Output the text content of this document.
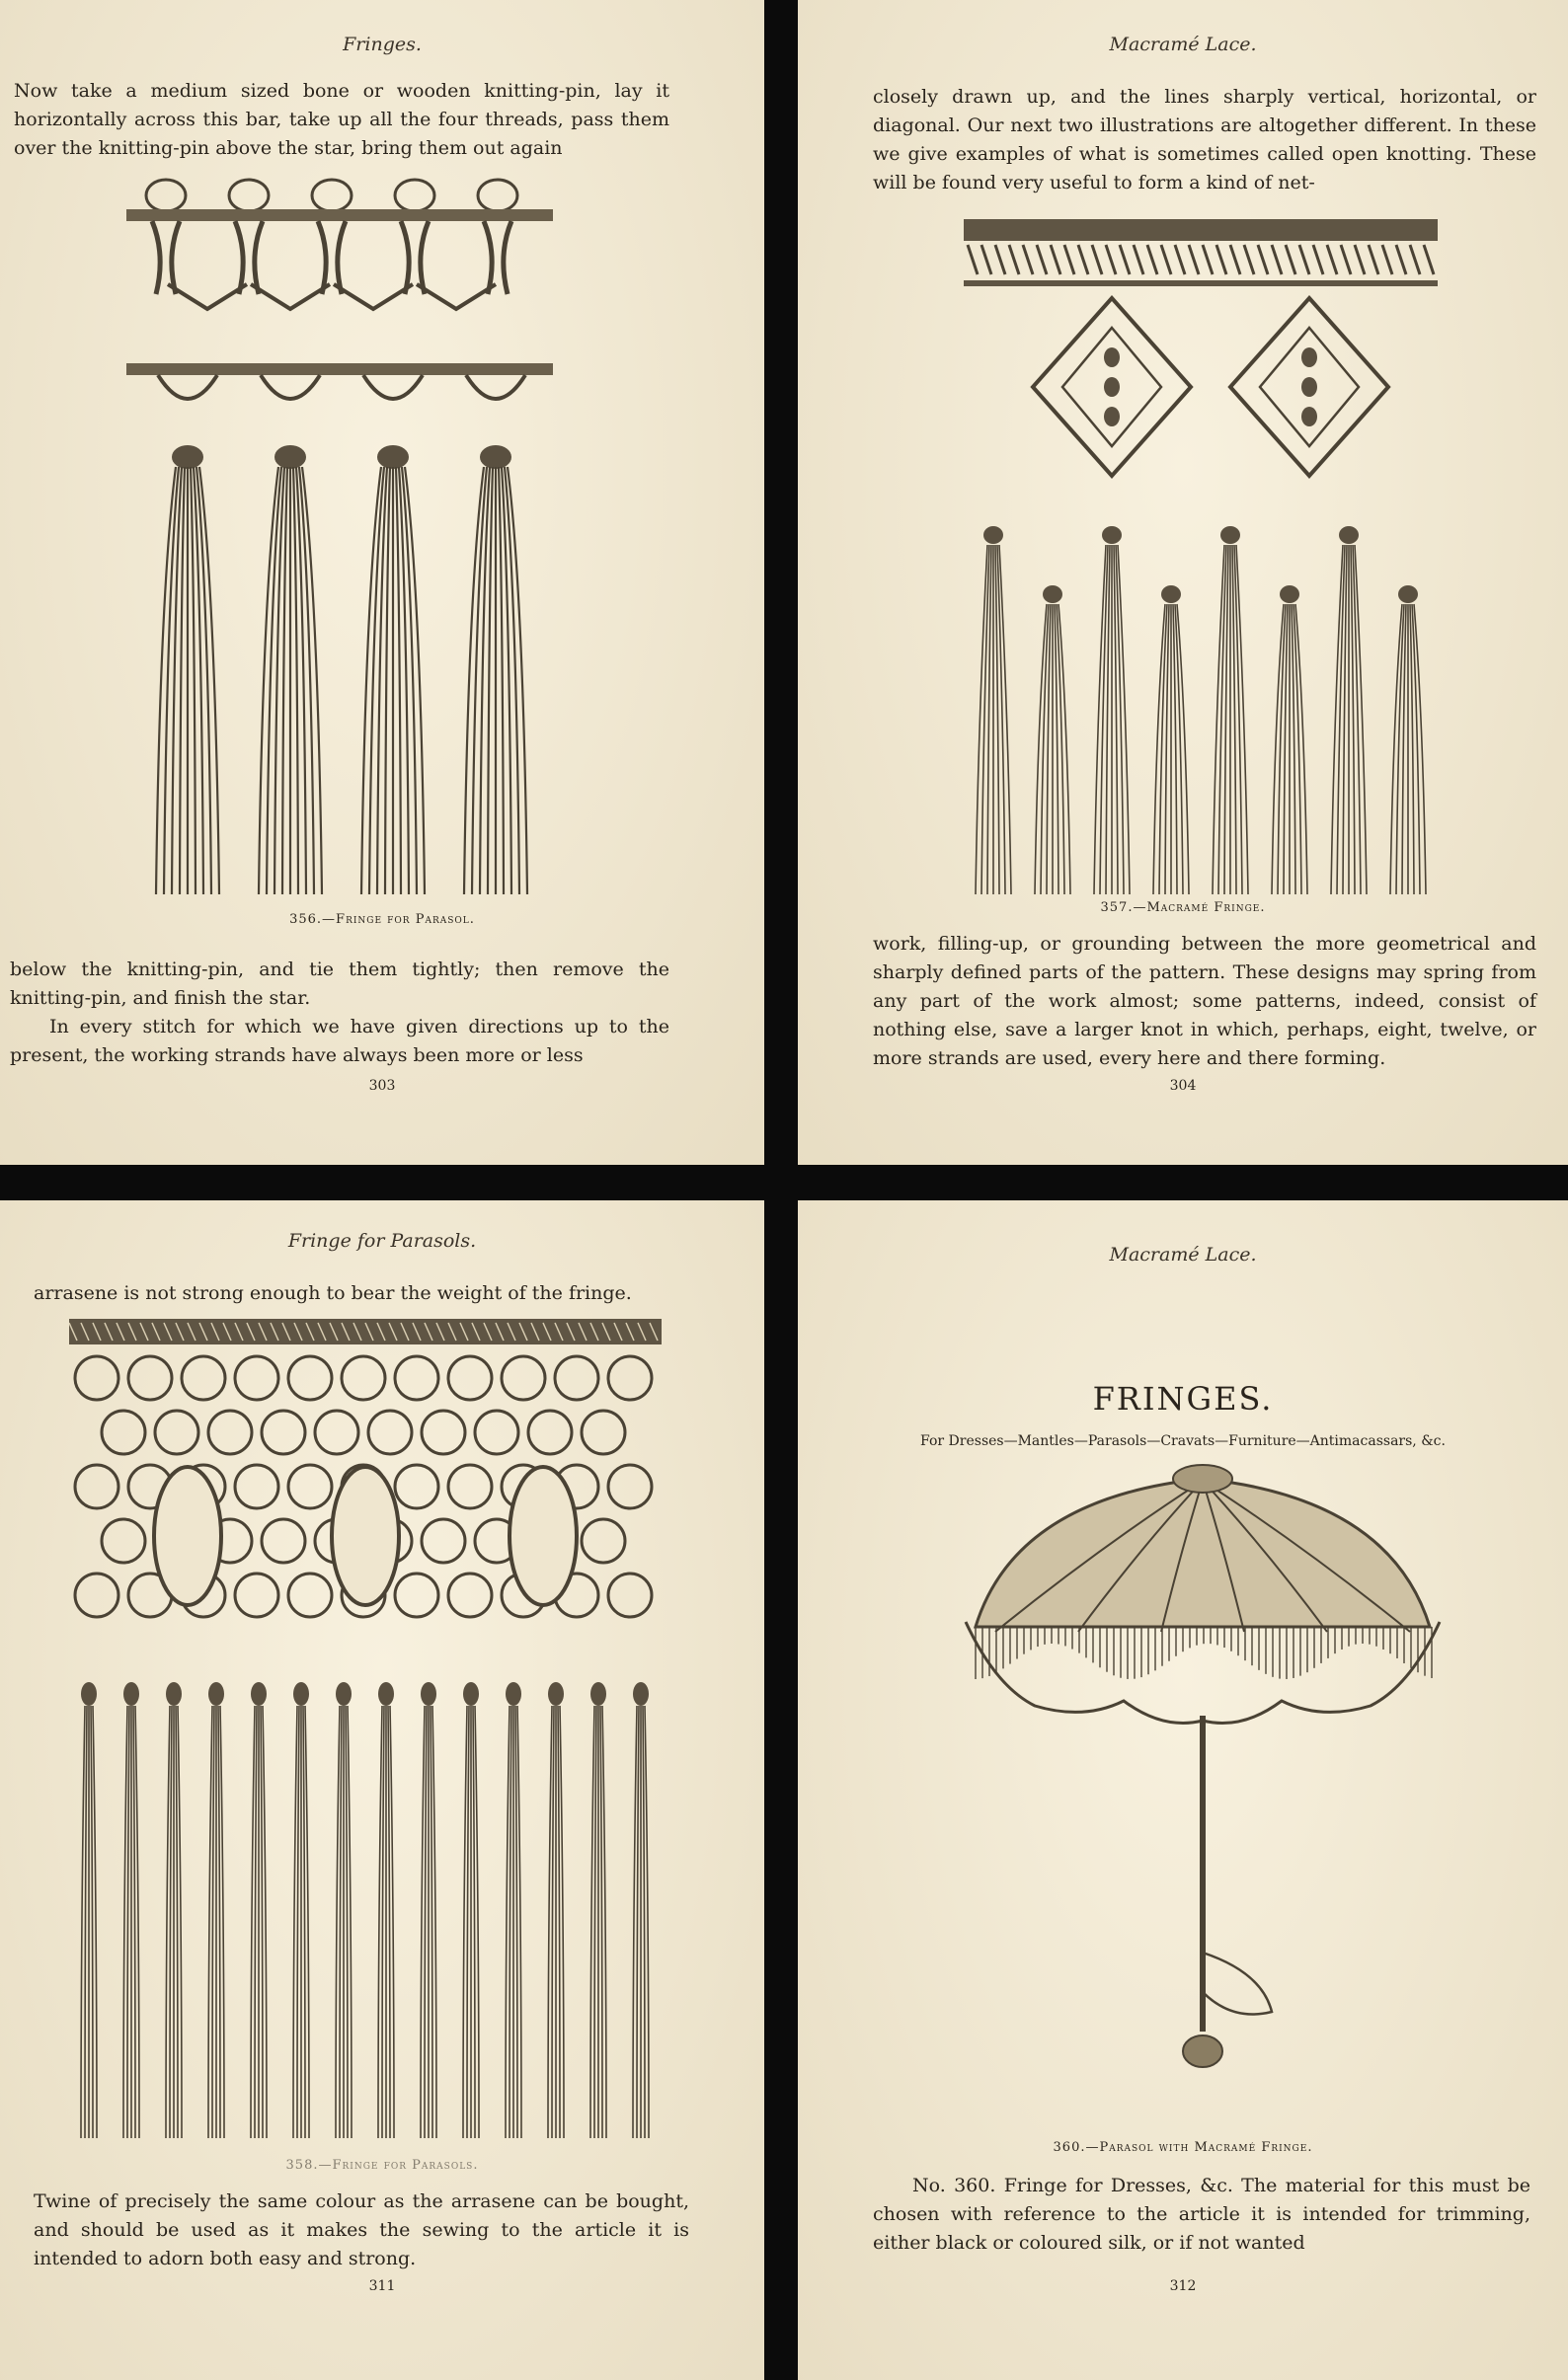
Fringes.

Now take a medium sized bone or wooden knitting-pin, lay it horizontally across this bar, take up all the four threads, pass them over the knitting-pin above the star, bring them out again

356.—Fringe for Parasol.

below the knitting-pin, and tie them tightly; then remove the knitting-pin, and finish the star.

In every stitch for which we have given directions up to the present, the working strands have always been more or less

303
Macramé Lace.

closely drawn up, and the lines sharply vertical, horizontal, or diagonal. Our next two illustrations are altogether different. In these we give examples of what is sometimes called open knotting. These will be found very useful to form a kind of net-

357.—Macramé Fringe.

work, filling-up, or grounding between the more geometrical and sharply defined parts of the pattern. These designs may spring from any part of the work almost; some patterns, indeed, consist of nothing else, save a larger knot in which, perhaps, eight, twelve, or more strands are used, every here and there forming.

304
Fringe for Parasols.

arrasene is not strong enough to bear the weight of the fringe.

358.—Fringe for Parasols.

Twine of precisely the same colour as the arrasene can be bought, and should be used as it makes the sewing to the article it is intended to adorn both easy and strong.

311
Macramé Lace.
FRINGES.
For Dresses—Mantles—Parasols—Cravats—Furniture—Antimacassars, &c.
360.—Parasol with Macramé Fringe.

No. 360. Fringe for Dresses, &c. The material for this must be chosen with reference to the article it is intended for trimming, either black or coloured silk, or if not wanted

312
